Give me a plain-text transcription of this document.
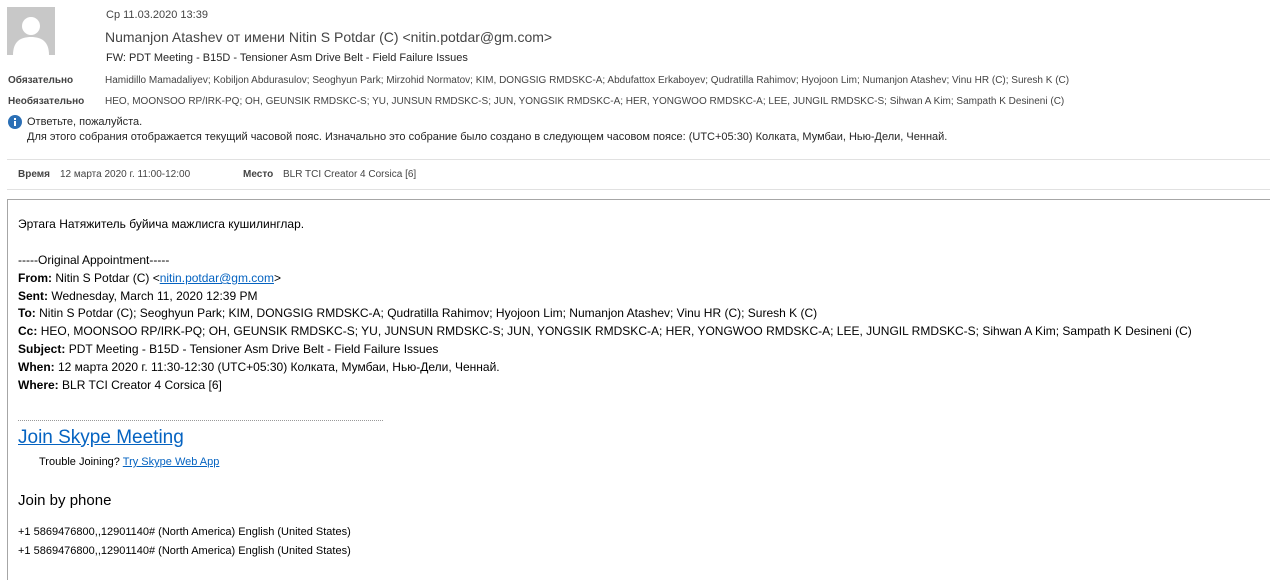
Ср 11.03.2020 13:39
Numanjon Atashev от имени Nitin S Potdar (C) <nitin.potdar@gm.com>
FW: PDT Meeting - B15D - Tensioner Asm Drive Belt - Field Failure Issues
Обязательно	Hamidillo Mamadaliyev; Kobiljon Abdurasulov; Seoghyun Park; Mirzohid Normatov; KIM, DONGSIG RMDSKC-A; Abdufattox Erkaboyev; Qudratilla Rahimov; Hyojoon Lim; Numanjon Atashev; Vinu HR (C); Suresh K (C)
Необязательно HEO, MOONSOO RP/IRK-PQ; OH, GEUNSIK RMDSKC-S; YU, JUNSUN RMDSKC-S; JUN, YONGSIK RMDSKC-A; HER, YONGWOO RMDSKC-A; LEE, JUNGIL RMDSKC-S; Sihwan A Kim; Sampath K Desineni (C)
Ответьте, пожалуйста.
Для этого собрания отображается текущий часовой пояс. Изначально это собрание было создано в следующем часовом поясе: (UTC+05:30) Колката, Мумбаи, Нью-Дели, Ченнай.
Время 12 марта 2020 г. 11:00-12:00	Место BLR TCI Creator 4 Corsica [6]
Эртага Натяжитель буйича мажлисга кушилинглар.
-----Original Appointment-----
From: Nitin S Potdar (C) <nitin.potdar@gm.com>
Sent: Wednesday, March 11, 2020 12:39 PM
To: Nitin S Potdar (C); Seoghyun Park; KIM, DONGSIG RMDSKC-A; Qudratilla Rahimov; Hyojoon Lim; Numanjon Atashev; Vinu HR (C); Suresh K (C)
Cc: HEO, MOONSOO RP/IRK-PQ; OH, GEUNSIK RMDSKC-S; YU, JUNSUN RMDSKC-S; JUN, YONGSIK RMDSKC-A; HER, YONGWOO RMDSKC-A; LEE, JUNGIL RMDSKC-S; Sihwan A Kim; Sampath K Desineni (C)
Subject: PDT Meeting - B15D - Tensioner Asm Drive Belt - Field Failure Issues
When: 12 марта 2020 г. 11:30-12:30 (UTC+05:30) Колката, Мумбаи, Нью-Дели, Ченнай.
Where: BLR TCI Creator 4 Corsica [6]
Join Skype Meeting
Trouble Joining? Try Skype Web App
Join by phone
+1 5869476800,,12901140# (North America) English (United States)
+1 5869476800,,12901140# (North America) English (United States)
